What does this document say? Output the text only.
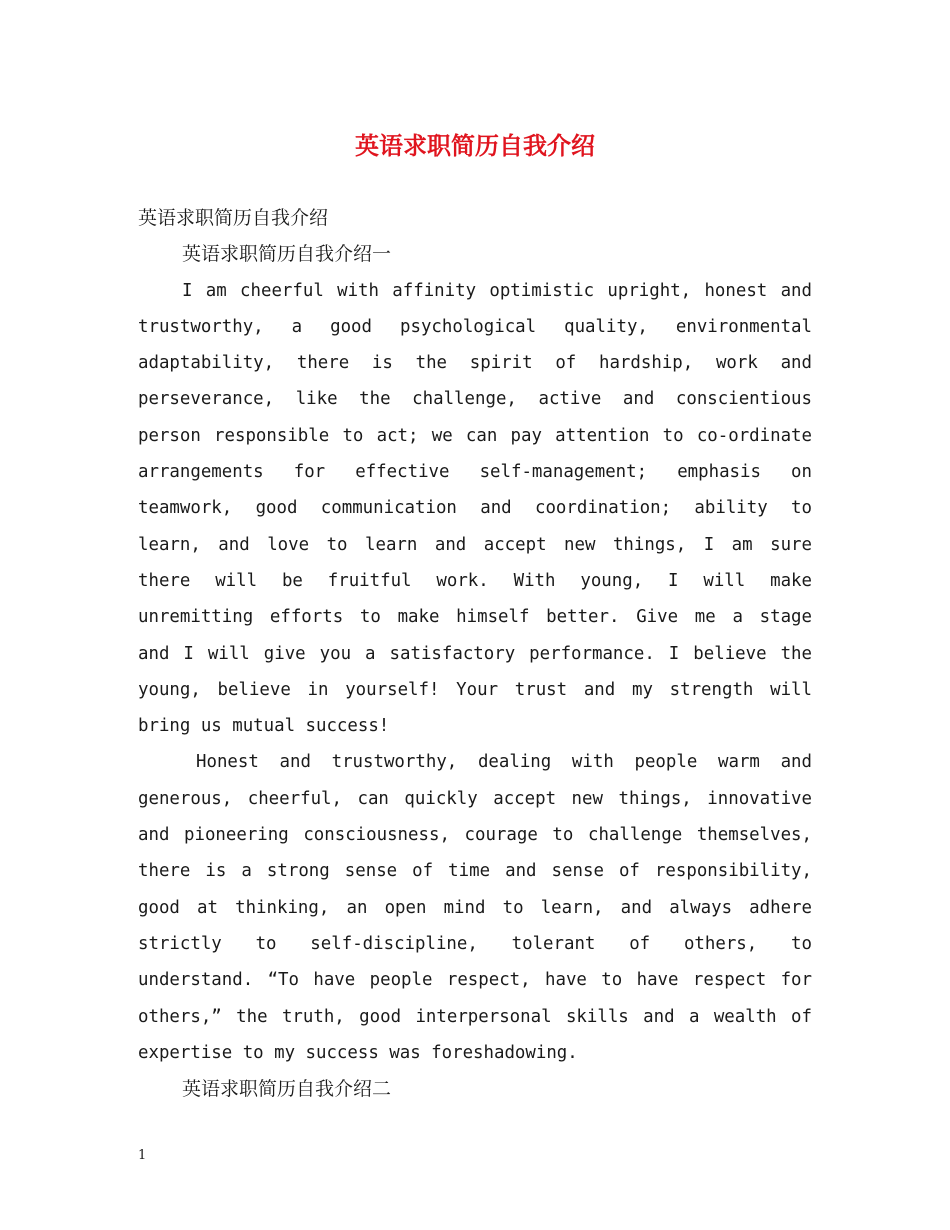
英语求职简历自我介绍

英语求职简历自我介绍

英语求职简历自我介绍一

I am cheerful with affinity optimistic upright, honest and

trustworthy, a good psychological quality, environmental

adaptability, there is the spirit of hardship, work and

perseverance, like the challenge, active and conscientious

person responsible to act; we can pay attention to co-ordinate

arrangements for effective self-management; emphasis on

teamwork, good communication and coordination; ability to

learn, and love to learn and accept new things, I am sure

there will be fruitful work. With young, I will make

unremitting efforts to make himself better. Give me a stage

and I will give you a satisfactory performance. I believe the

young, believe in yourself! Your trust and my strength will

bring us mutual success!

Honest and trustworthy, dealing with people warm and

generous, cheerful, can quickly accept new things, innovative

and pioneering consciousness, courage to challenge themselves,

there is a strong sense of time and sense of responsibility,

good at thinking, an open mind to learn, and always adhere

strictly to self-discipline, tolerant of others, to

understand. “To have people respect, have to have respect for

others,” the truth, good interpersonal skills and a wealth of

expertise to my success was foreshadowing.

英语求职简历自我介绍二

1
